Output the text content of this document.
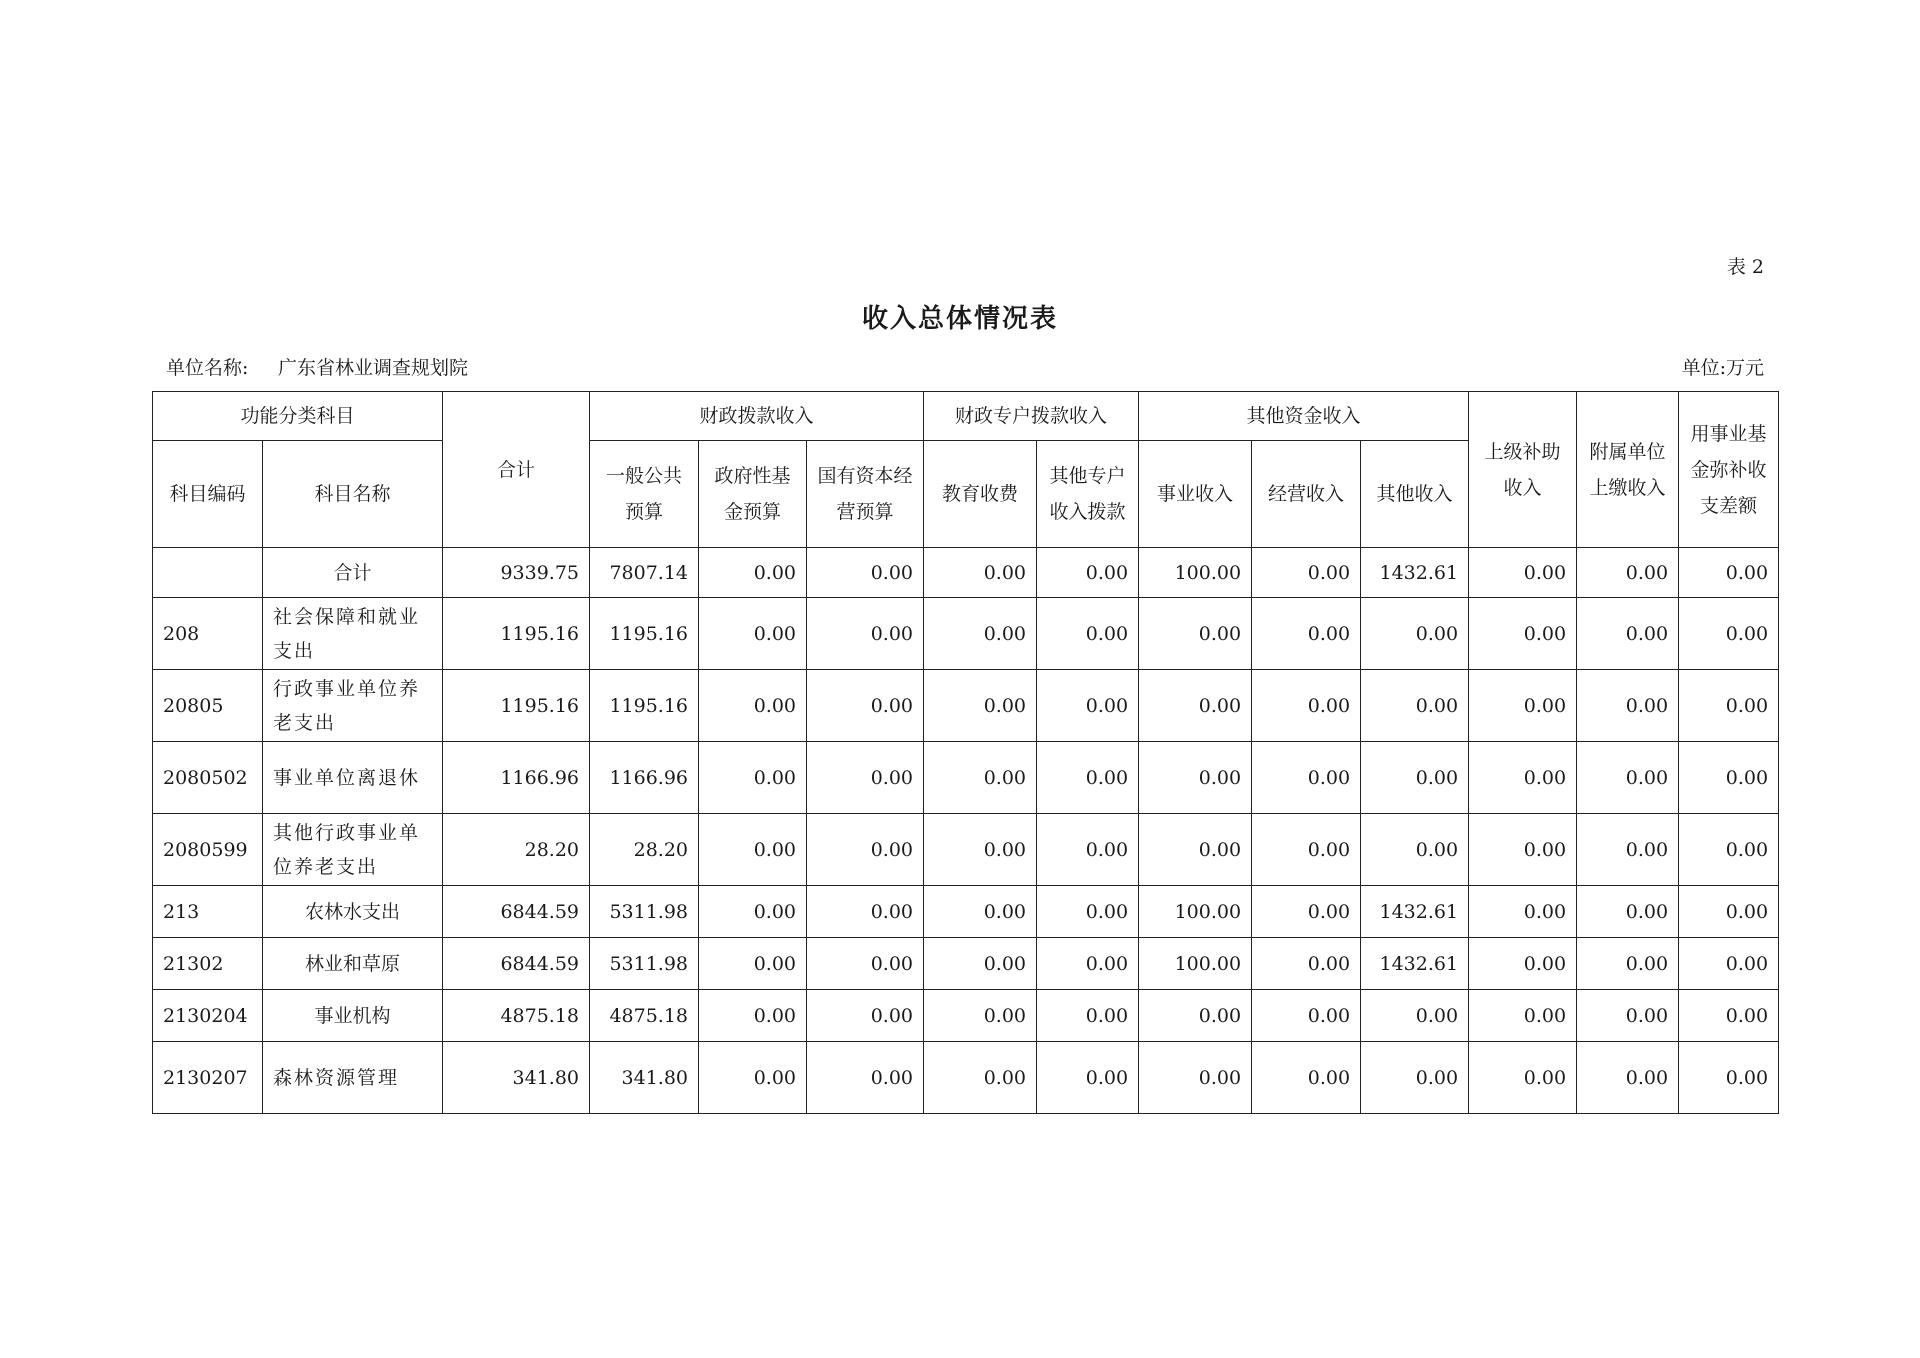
表 2
收入总体情况表
单位名称: 广东省林业调查规划院	单位:万元
功能分类科目		合计	财政拨款收入			财政专户拨款收入		其他资金收入			上级补助收入	附属单位上缴收入	用事业基金弥补收支差额
科目编码	科目名称		一般公共预算	政府性基金预算	国有资本经营预算	教育收费	其他专户收入拨款	事业收入	经营收入	其他收入			
	合计	9339.75	7807.14	0.00	0.00	0.00	0.00	100.00	0.00	1432.61	0.00	0.00	0.00
208	社会保障和就业支出	1195.16	1195.16	0.00	0.00	0.00	0.00	0.00	0.00	0.00	0.00	0.00	0.00
20805	行政事业单位养老支出	1195.16	1195.16	0.00	0.00	0.00	0.00	0.00	0.00	0.00	0.00	0.00	0.00
2080502	事业单位离退休	1166.96	1166.96	0.00	0.00	0.00	0.00	0.00	0.00	0.00	0.00	0.00	0.00
2080599	其他行政事业单位养老支出	28.20	28.20	0.00	0.00	0.00	0.00	0.00	0.00	0.00	0.00	0.00	0.00
213	农林水支出	6844.59	5311.98	0.00	0.00	0.00	0.00	100.00	0.00	1432.61	0.00	0.00	0.00
21302	林业和草原	6844.59	5311.98	0.00	0.00	0.00	0.00	100.00	0.00	1432.61	0.00	0.00	0.00
2130204	事业机构	4875.18	4875.18	0.00	0.00	0.00	0.00	0.00	0.00	0.00	0.00	0.00	0.00
2130207	森林资源管理	341.80	341.80	0.00	0.00	0.00	0.00	0.00	0.00	0.00	0.00	0.00	0.00
